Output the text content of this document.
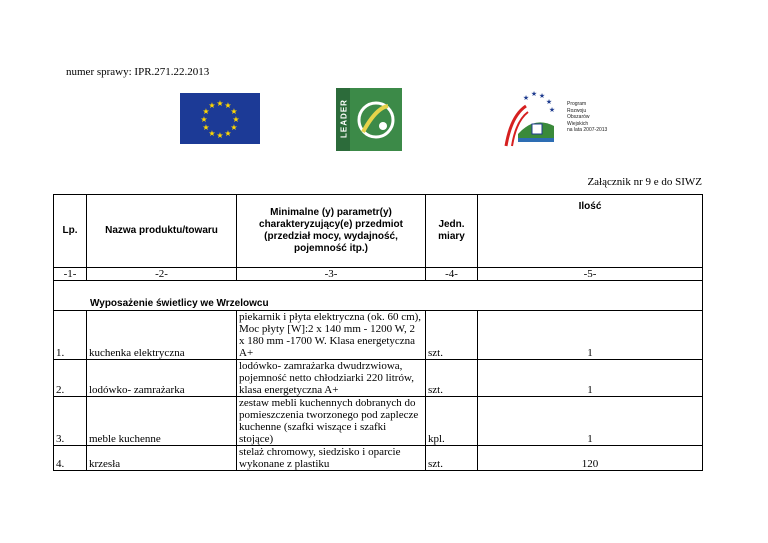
numer sprawy: IPR.271.22.2013
★ ★
★
★
★
★
★
★
★
★
★
★	LEADER
★ ★ ★
★
★
Program
Rozwoju
Obszarów
Wiejskich
na lata 2007-2013
Załącznik nr 9 e do SIWZ
Lp.	Nazwa produktu/towaru	Minimalne (y) parametr(y) charakteryzujący(e) przedmiot (przedział mocy, wydajność, pojemność itp.)	Jedn. miary	Ilość
-1-	-2-	-3-	-4-	-5-
Wyposażenie świetlicy we Wrzelowcu				
1.	kuchenka elektryczna	piekarnik i płyta elektryczna (ok. 60 cm), Moc płyty [W]:2 x 140 mm - 1200 W, 2 x 180 mm -1700 W. Klasa energetyczna A+	szt.	1
2.	lodówko- zamrażarka	lodówko- zamrażarka dwudrzwiowa, pojemność netto chłodziarki 220 litrów, klasa energetyczna A+	szt.	1
3.	meble kuchenne	zestaw mebli kuchennych dobranych do pomieszczenia tworzonego pod zaplecze kuchenne (szafki wiszące i szafki stojące)	kpl.	1
4.	krzesła	stelaż chromowy, siedzisko i oparcie wykonane z plastiku	szt.	120
